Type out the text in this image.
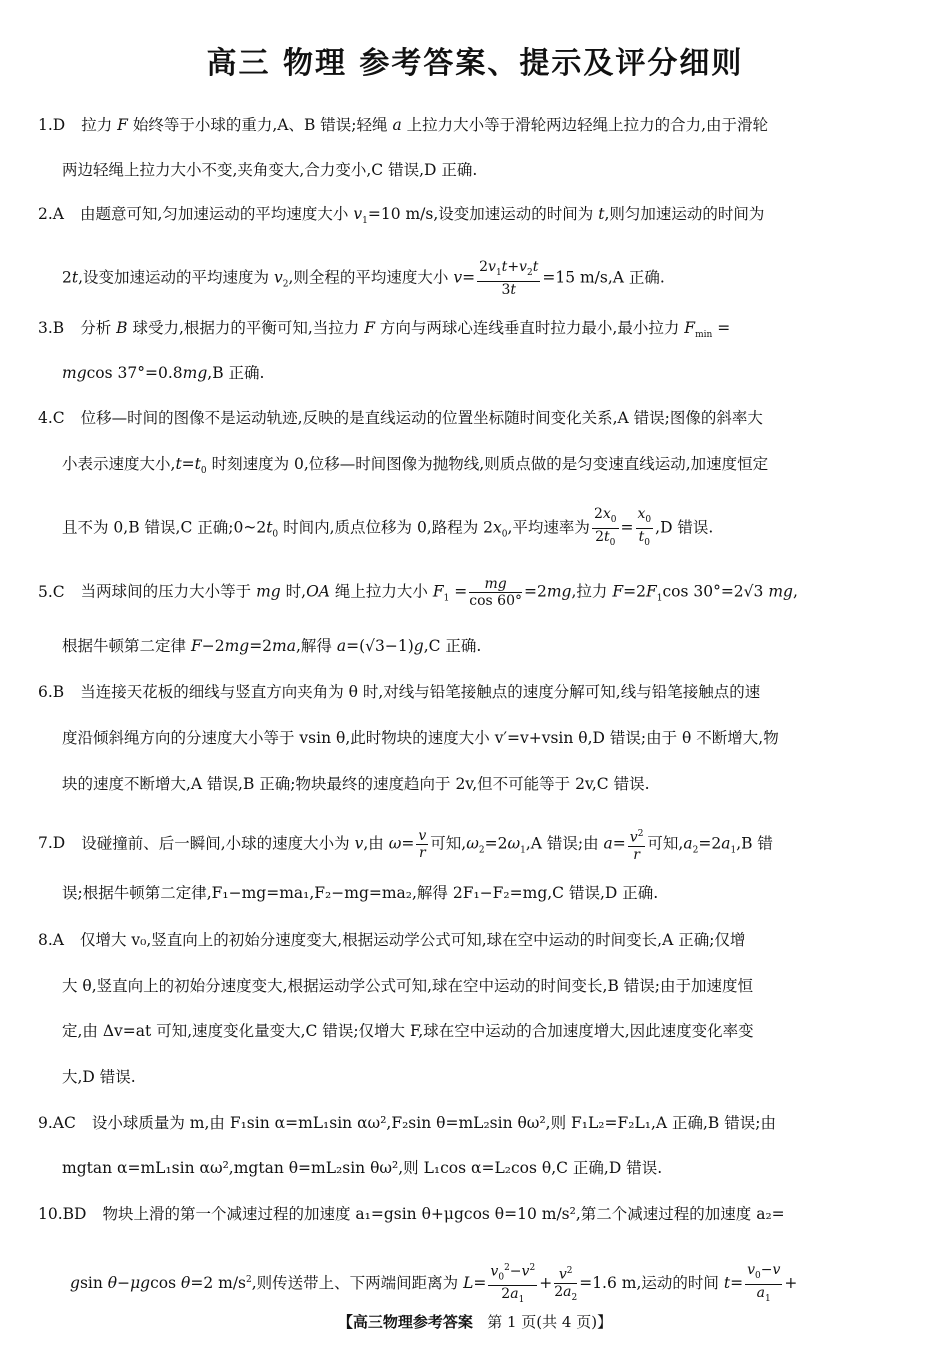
高三 物理 参考答案、提示及评分细则
1.D 拉力 F 始终等于小球的重力,A、B 错误;轻绳 a 上拉力大小等于滑轮两边轻绳上拉力的合力,由于滑轮
两边轻绳上拉力大小不变,夹角变大,合力变小,C 错误,D 正确.
2.A 由题意可知,匀加速运动的平均速度大小 $v_1=10$ m/s,设变加速运动的时间为 t,则匀加速运动的时间为
2t,设变加速运动的平均速度为 $v_2$,则全程的平均速度大小 $v= \frac{2v_1t+v_2t}{3t} =15$ m/s,A 正确.
3.B 分析 B 球受力,根据力的平衡可知,当拉力 F 方向与两球心连线垂直时拉力最小,最小拉力 $F_{min}$ =
mgcos 37°=0.8mg,B 正确.
4.C 位移—时间的图像不是运动轨迹,反映的是直线运动的位置坐标随时间变化关系,A 错误;图像的斜率大
小表示速度大小$,t=t_0$ 时刻速度为 0,位移—时间图像为抛物线,则质点做的是匀变速直线运动,加速度恒定
且不为 0,B 错误,C 正确$;0\sim 2t_0$ 时间内,质点位移为 0,路程为 $2x_0$,平均速率为 $\frac{2x_0}{2t_0} = \frac{x_0}{t_0} ,D$ 错误.
5.C 当两球间的压力大小等于 mg 时,OA 绳上拉力大小 $F_1 = \frac{mg}{\cos 60^\circ} =2mg$,拉力 $F=2F_1\cos$ 30°=2√3 mg,
根据牛顿第二定律 F−2mg=2ma,解得 a=(√3−1)g,C 正确.
6.B 当连接天花板的细线与竖直方向夹角为 θ 时,对线与铅笔接触点的速度分解可知,线与铅笔接触点的速
度沿倾斜绳方向的分速度大小等于 vsin θ,此时物块的速度大小 v′=v+vsin θ,D 错误;由于 θ 不断增大,物
块的速度不断增大,A 错误,B 正确;物块最终的速度趋向于 2v,但不可能等于 2v,C 错误.
7.D 设碰撞前、后一瞬间,小球的速度大小为 v,由 $\omega= \frac{v}{r}$ 可知$,\omega_2=2\omega_1,A$ 错误;由 $a= \frac{v^2}{r}$ 可知$,a_2=2a_1,B$ 错
误;根据牛顿第二定律,F₁−mg=ma₁,F₂−mg=ma₂,解得 2F₁−F₂=mg,C 错误,D 正确.
8.A 仅增大 v₀,竖直向上的初始分速度变大,根据运动学公式可知,球在空中运动的时间变长,A 正确;仅增
大 θ,竖直向上的初始分速度变大,根据运动学公式可知,球在空中运动的时间变长,B 错误;由于加速度恒
定,由 Δv=at 可知,速度变化量变大,C 错误;仅增大 F,球在空中运动的合加速度增大,因此速度变化率变
大,D 错误.
9.AC 设小球质量为 m,由 F₁sin α=mL₁sin αω²,F₂sin θ=mL₂sin θω²,则 F₁L₂=F₂L₁,A 正确,B 错误;由
mgtan α=mL₁sin αω²,mgtan θ=mL₂sin θω²,则 L₁cos α=L₂cos θ,C 正确,D 错误.
10.BD 物块上滑的第一个减速过程的加速度 a₁=gsin θ+μgcos θ=10 m/s²,第二个减速过程的加速度 a₂=
gsin θ−μgcos θ=2 $m/s^2$,则传送带上、下两端间距离为 $L= \frac{v_0^2-v^2}{2a_1} + \frac{v^2}{2a_2} =1.6$ m,运动的时间 $t= \frac{v_0-v}{a_1}$ +
【高三物理参考答案 第 1 页(共 4 页)】
